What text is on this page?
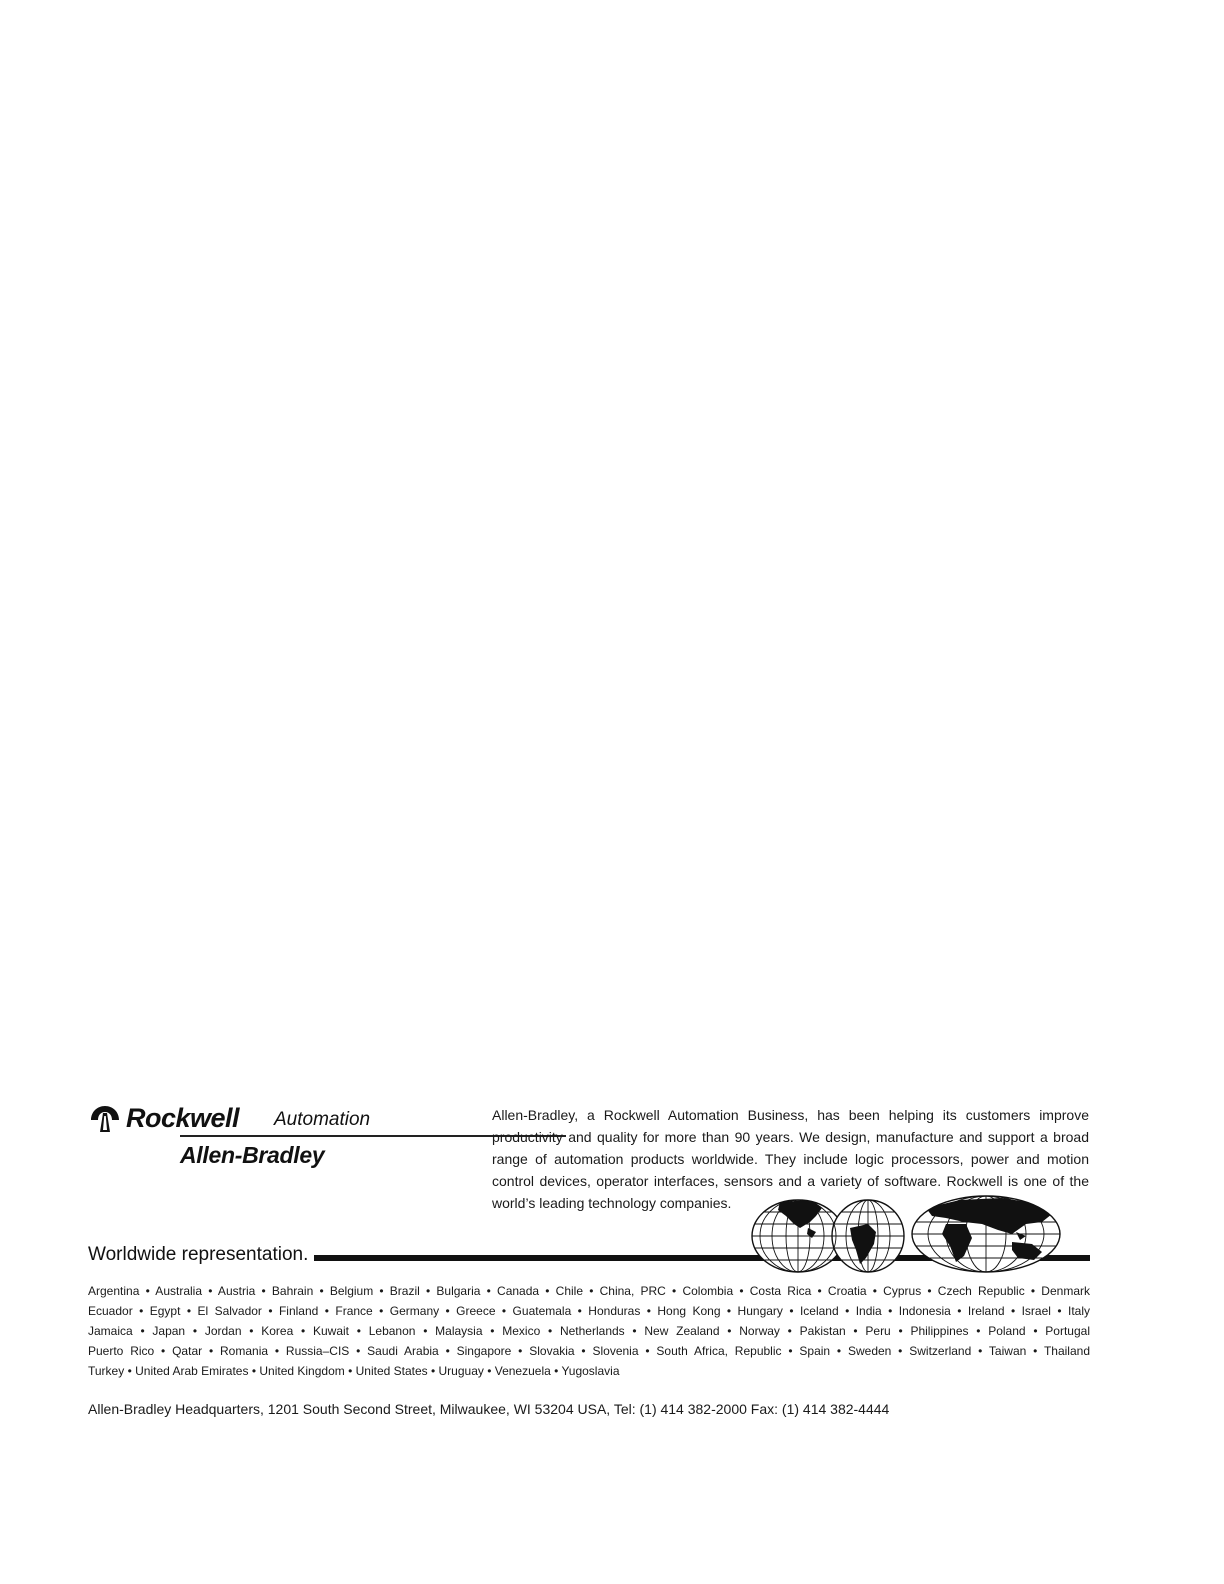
Rockwell Automation
Allen-Bradley

Allen-Bradley, a Rockwell Automation Business, has been helping its customers improve productivity and quality for more than 90 years. We design, manufacture and support a broad range of automation products worldwide. They include logic processors, power and motion control devices, operator interfaces, sensors and a variety of software. Rockwell is one of the world’s leading technology companies.

Worldwide representation.

Argentina • Australia • Austria • Bahrain • Belgium • Brazil • Bulgaria • Canada • Chile • China, PRC • Colombia • Costa Rica • Croatia • Cyprus • Czech Republic • Denmark
Ecuador • Egypt • El Salvador • Finland • France • Germany • Greece • Guatemala • Honduras • Hong Kong • Hungary • Iceland • India • Indonesia • Ireland • Israel • Italy
Jamaica • Japan • Jordan • Korea • Kuwait • Lebanon • Malaysia • Mexico • Netherlands • New Zealand • Norway • Pakistan • Peru • Philippines • Poland • Portugal
Puerto Rico • Qatar • Romania • Russia–CIS • Saudi Arabia • Singapore • Slovakia • Slovenia • South Africa, Republic • Spain • Sweden • Switzerland • Taiwan • Thailand
Turkey • United Arab Emirates • United Kingdom • United States • Uruguay • Venezuela • Yugoslavia

Allen-Bradley Headquarters, 1201 South Second Street, Milwaukee, WI 53204 USA, Tel: (1) 414 382-2000 Fax: (1) 414 382-4444
